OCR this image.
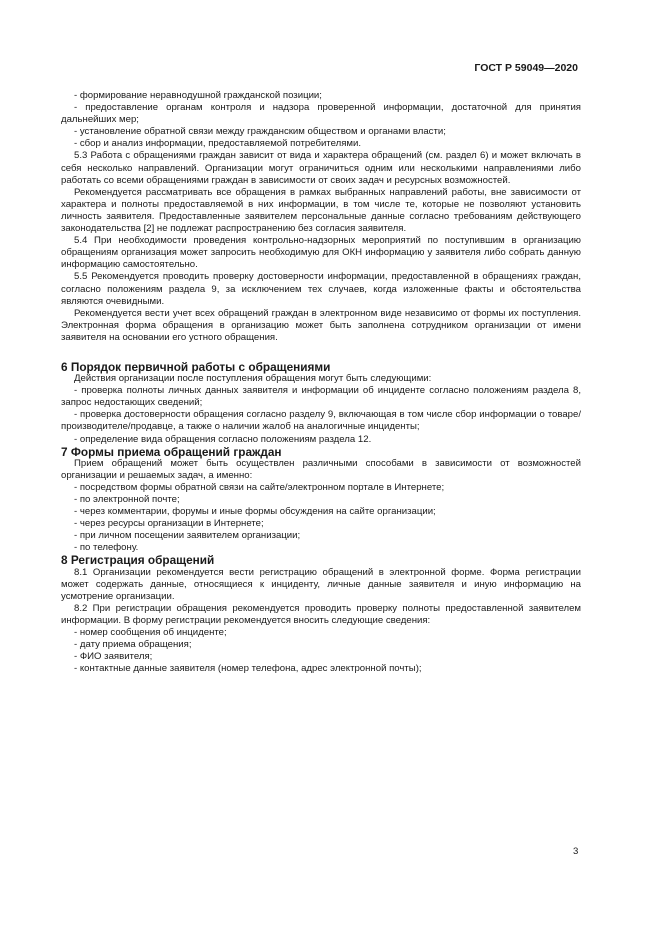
ГОСТ Р 59049—2020

- формирование неравнодушной гражданской позиции;

- предоставление органам контроля и надзора проверенной информации, достаточной для принятия дальнейших мер;

- установление обратной связи между гражданским обществом и органами власти;

- сбор и анализ информации, предоставляемой потребителями.

5.3 Работа с обращениями граждан зависит от вида и характера обращений (см. раздел 6) и может включать в себя несколько направлений. Организации могут ограничиться одним или несколькими направлениями либо работать со всеми обращениями граждан в зависимости от своих задач и ресурсных возможностей.

Рекомендуется рассматривать все обращения в рамках выбранных направлений работы, вне зависимости от характера и полноты предоставляемой в них информации, в том числе те, которые не позволяют установить личность заявителя. Предоставленные заявителем персональные данные согласно требованиям действующего законодательства [2] не подлежат распространению без согласия заявителя.

5.4 При необходимости проведения контрольно-надзорных мероприятий по поступившим в организацию обращениям организация может запросить необходимую для ОКН информацию у заявителя либо собрать данную информацию самостоятельно.

5.5 Рекомендуется проводить проверку достоверности информации, предоставленной в обращениях граждан, согласно положениям раздела 9, за исключением тех случаев, когда изложенные факты и обстоятельства являются очевидными.

Рекомендуется вести учет всех обращений граждан в электронном виде независимо от формы их поступления. Электронная форма обращения в организацию может быть заполнена сотрудником организации от имени заявителя на основании его устного обращения.

6 Порядок первичной работы с обращениями

Действия организации после поступления обращения могут быть следующими:

- проверка полноты личных данных заявителя и информации об инциденте согласно положениям раздела 8, запрос недостающих сведений;

- проверка достоверности обращения согласно разделу 9, включающая в том числе сбор информации о товаре/производителе/продавце, а также о наличии жалоб на аналогичные инциденты;

- определение вида обращения согласно положениям раздела 12.

7 Формы приема обращений граждан

Прием обращений может быть осуществлен различными способами в зависимости от возможностей организации и решаемых задач, а именно:

- посредством формы обратной связи на сайте/электронном портале в Интернете;

- по электронной почте;

- через комментарии, форумы и иные формы обсуждения на сайте организации;

- через ресурсы организации в Интернете;

- при личном посещении заявителем организации;

- по телефону.

8 Регистрация обращений

8.1 Организации рекомендуется вести регистрацию обращений в электронной форме. Форма регистрации может содержать данные, относящиеся к инциденту, личные данные заявителя и иную информацию на усмотрение организации.

8.2 При регистрации обращения рекомендуется проводить проверку полноты предоставленной заявителем информации. В форму регистрации рекомендуется вносить следующие сведения:

- номер сообщения об инциденте;

- дату приема обращения;

- ФИО заявителя;

- контактные данные заявителя (номер телефона, адрес электронной почты);

3
